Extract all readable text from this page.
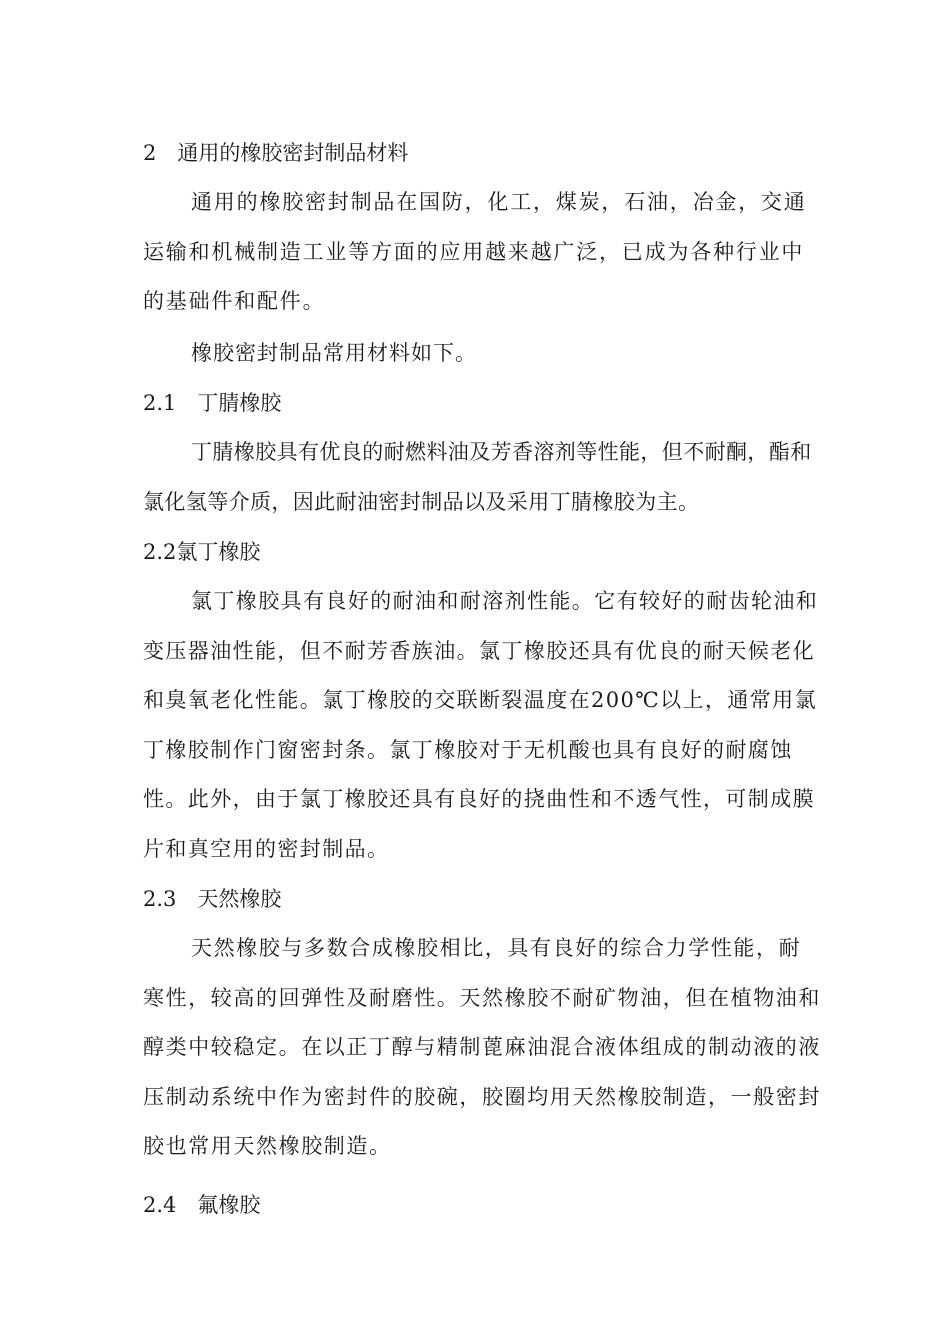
2　通用的橡胶密封制品材料

通用的橡胶密封制品在国防，化工，煤炭，石油，冶金，交通运输和机械制造工业等方面的应用越来越广泛，已成为各种行业中的基础件和配件。

橡胶密封制品常用材料如下。

2.1　丁腈橡胶

丁腈橡胶具有优良的耐燃料油及芳香溶剂等性能，但不耐酮，酯和氯化氢等介质，因此耐油密封制品以及采用丁腈橡胶为主。

2.2氯丁橡胶

氯丁橡胶具有良好的耐油和耐溶剂性能。它有较好的耐齿轮油和变压器油性能，但不耐芳香族油。氯丁橡胶还具有优良的耐天候老化和臭氧老化性能。氯丁橡胶的交联断裂温度在200℃以上，通常用氯丁橡胶制作门窗密封条。氯丁橡胶对于无机酸也具有良好的耐腐蚀性。此外，由于氯丁橡胶还具有良好的挠曲性和不透气性，可制成膜片和真空用的密封制品。

2.3　天然橡胶

天然橡胶与多数合成橡胶相比，具有良好的综合力学性能，耐寒性，较高的回弹性及耐磨性。天然橡胶不耐矿物油，但在植物油和醇类中较稳定。在以正丁醇与精制蓖麻油混合液体组成的制动液的液压制动系统中作为密封件的胶碗，胶圈均用天然橡胶制造，一般密封胶也常用天然橡胶制造。

2.4　氟橡胶
